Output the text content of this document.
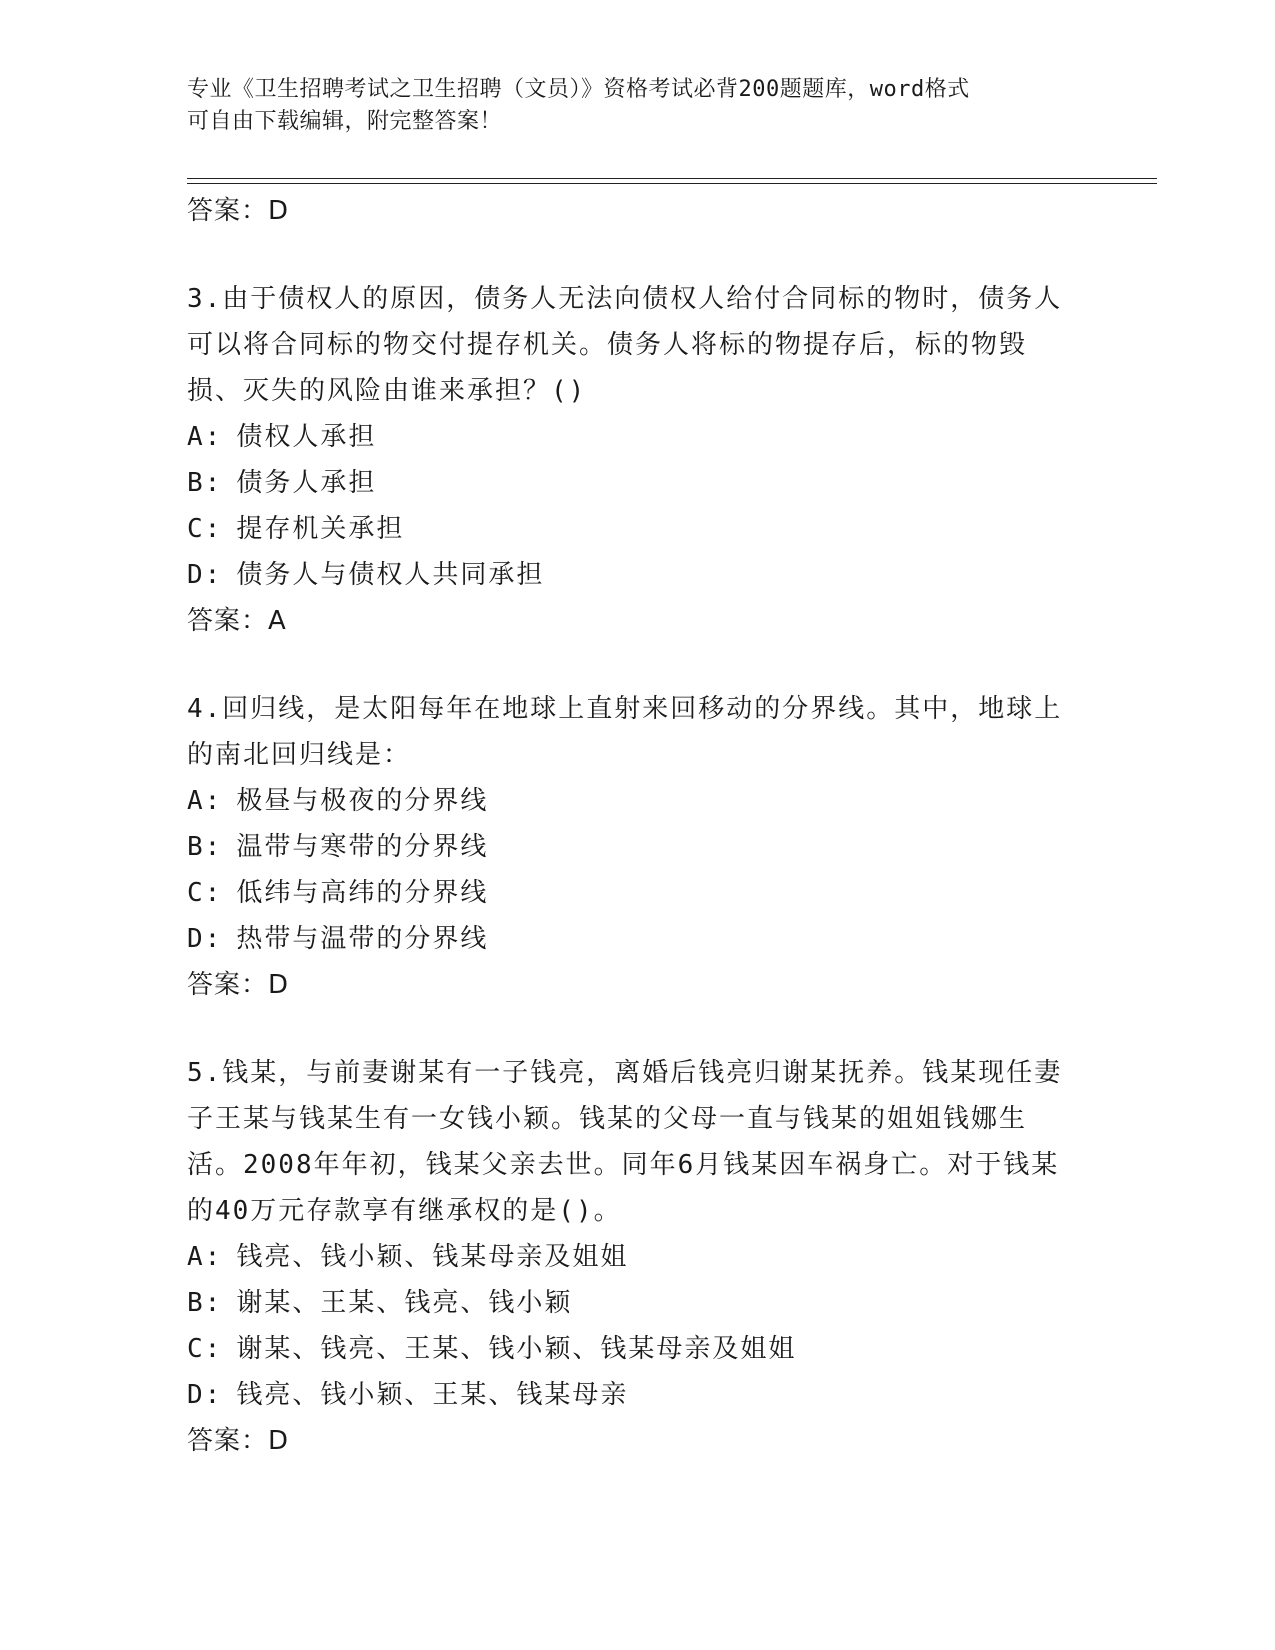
专业《卫生招聘考试之卫生招聘（文员）》资格考试必背200题题库，word格式
可自由下载编辑，附完整答案！

答案：D

3.由于债权人的原因，债务人无法向债权人给付合同标的物时，债务人可以将合同标的物交付提存机关。债务人将标的物提存后，标的物毁损、灭失的风险由谁来承担？()

A: 债权人承担

B: 债务人承担

C: 提存机关承担

D: 债务人与债权人共同承担

答案：A

4.回归线，是太阳每年在地球上直射来回移动的分界线。其中，地球上的南北回归线是：

A: 极昼与极夜的分界线

B: 温带与寒带的分界线

C: 低纬与高纬的分界线

D: 热带与温带的分界线

答案：D

5.钱某，与前妻谢某有一子钱亮，离婚后钱亮归谢某抚养。钱某现任妻子王某与钱某生有一女钱小颖。钱某的父母一直与钱某的姐姐钱娜生活。2008年年初，钱某父亲去世。同年6月钱某因车祸身亡。对于钱某的40万元存款享有继承权的是()。

A: 钱亮、钱小颖、钱某母亲及姐姐

B: 谢某、王某、钱亮、钱小颖

C: 谢某、钱亮、王某、钱小颖、钱某母亲及姐姐

D: 钱亮、钱小颖、王某、钱某母亲

答案：D
